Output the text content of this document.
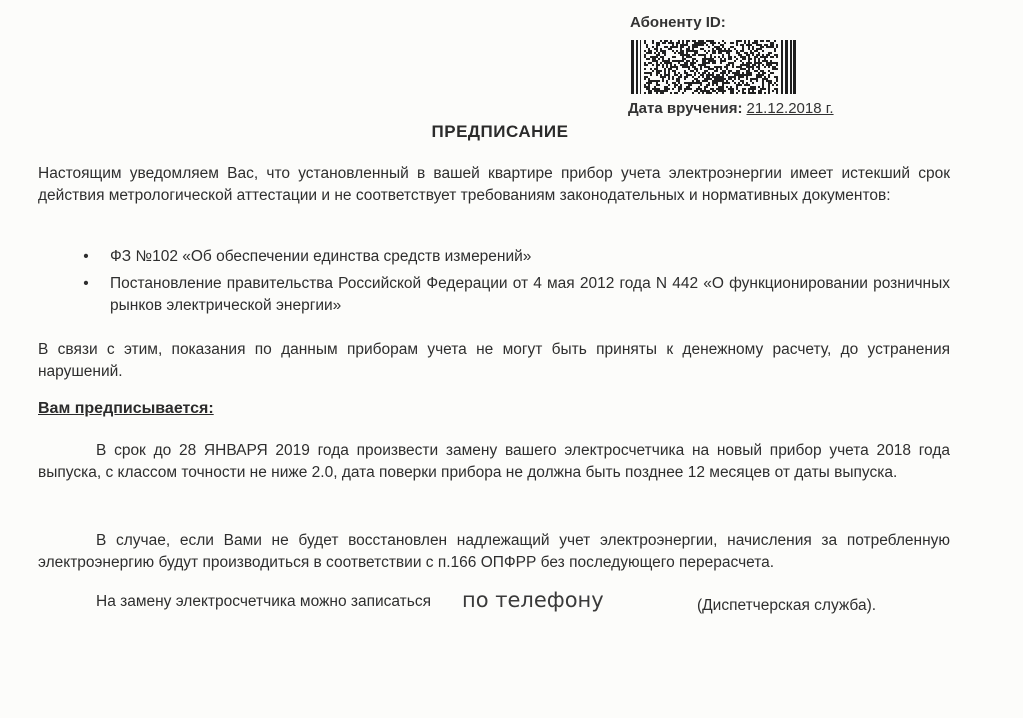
Абоненту ID:
Дата вручения: 21.12.2018 г.
ПРЕДПИСАНИЕ
Настоящим уведомляем Вас, что установленный в вашей квартире прибор учета электроэнергии имеет истекший срок действия метрологической аттестации и не соответствует требованиям законодательных и нормативных документов:
•	ФЗ №102 «Об обеспечении единства средств измерений»
•	Постановление правительства Российской Федерации от 4 мая 2012 года N 442 «О функционировании розничных рынков электрической энергии»
В связи с этим, показания по данным приборам учета не могут быть приняты к денежному расчету, до устранения нарушений.
Вам предписывается:
В срок до 28 ЯНВАРЯ 2019 года произвести замену вашего электросчетчика на новый прибор учета 2018 года выпуска, с классом точности не ниже 2.0, дата поверки прибора не должна быть позднее 12 месяцев от даты выпуска.
В случае, если Вами не будет восстановлен надлежащий учет электроэнергии, начисления за потребленную электроэнергию будут производиться в соответствии с п.166 ОПФРР без последующего перерасчета.
На замену электросчетчика можно записаться по телефону	(Диспетчерская служба).
